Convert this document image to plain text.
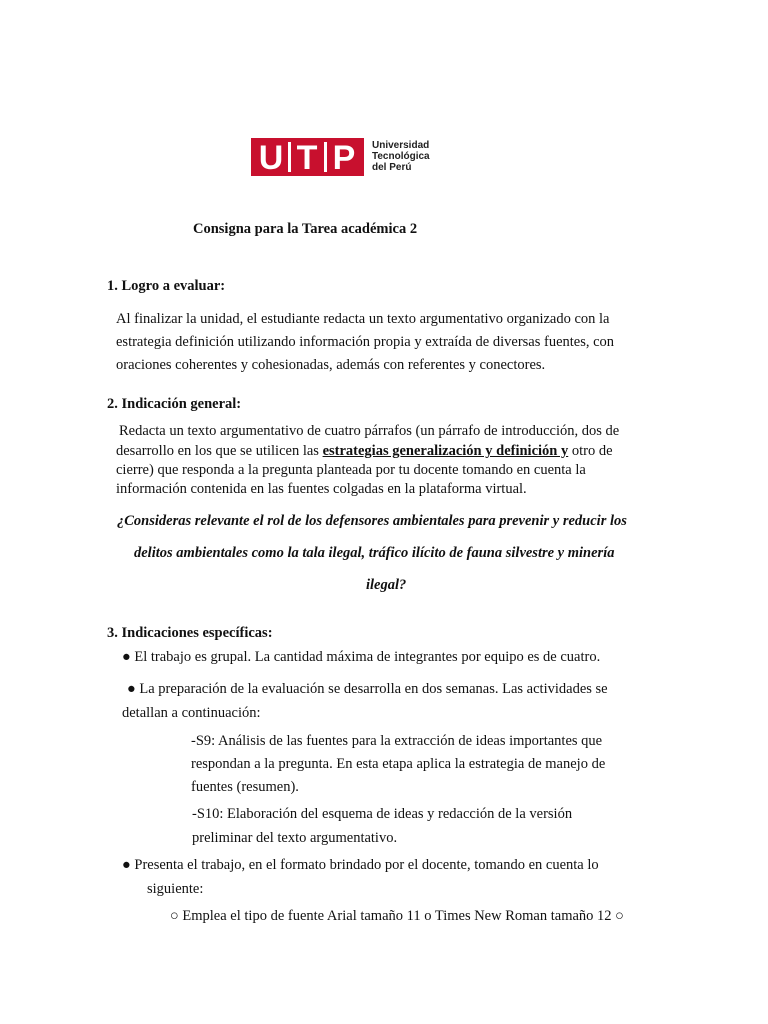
U T P	Universidad
Tecnológica
del Perú
Consigna para la Tarea académica 2
1. Logro a evaluar:
Al finalizar la unidad, el estudiante redacta un texto argumentativo organizado con la
estrategia definición utilizando información propia y extraída de diversas fuentes, con
oraciones coherentes y cohesionadas, además con referentes y conectores.
2. Indicación general:
Redacta un texto argumentativo de cuatro párrafos (un párrafo de introducción, dos de
desarrollo en los que se utilicen las estrategias generalización y definición y otro de
cierre) que responda a la pregunta planteada por tu docente tomando en cuenta la
información contenida en las fuentes colgadas en la plataforma virtual.
¿Consideras relevante el rol de los defensores ambientales para prevenir y reducir los
delitos ambientales como la tala ilegal, tráfico ilícito de fauna silvestre y minería
ilegal?
3. Indicaciones específicas:
● El trabajo es grupal. La cantidad máxima de integrantes por equipo es de cuatro.
● La preparación de la evaluación se desarrolla en dos semanas. Las actividades se
detallan a continuación:
-S9: Análisis de las fuentes para la extracción de ideas importantes que
respondan a la pregunta. En esta etapa aplica la estrategia de manejo de
fuentes (resumen).
-S10: Elaboración del esquema de ideas y redacción de la versión
preliminar del texto argumentativo.
● Presenta el trabajo, en el formato brindado por el docente, tomando en cuenta lo
siguiente:
○ Emplea el tipo de fuente Arial tamaño 11 o Times New Roman tamaño 12 ○
